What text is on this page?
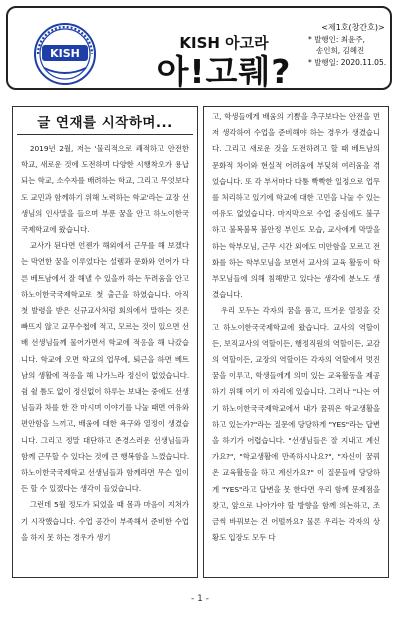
KISH
KISH 아고라
아!고뤠?
<제1호(창간호)>
* 발행인: 최윤주,
송인희, 김혜진
* 발행일: 2020.11.05.
글 연재를 시작하며...

2019년 2월, 저는 '물리적으로 쾌적하고 안전한 학교, 새로운 것에 도전하며 다양한 시행착오가 용납되는 학교, 소수자를 배려하는 학교, 그리고 무엇보다도 교민과 함께하기 위해 노력하는 학교'라는 교장 선생님의 인사말을 들으며 부푼 꿈을 안고 하노이한국국제학교에 왔습니다.

교사가 된다면 언젠가 해외에서 근무를 해 보겠다는 막연한 꿈을 이루었다는 설렘과 문화와 언어가 다른 베트남에서 잘 해낼 수 있을까 하는 두려움을 안고 하노이한국국제학교로 첫 출근을 하였습니다. 아직 첫 발령을 받은 신규교사처럼 회의에서 말하는 것은 빠뜨지 않고 교무수첩에 적고, 모르는 것이 있으면 선배 선생님들께 물어가면서 학교에 적응을 해 나갔습니다. 학교에 오면 학교의 업무에, 퇴근을 하면 베트남의 생활에 적응을 해 나가느라 정신이 없었습니다. 쉼 쉴 틈도 없이 정신없이 하루는 보내는 중에도 선생님들과 차를 한 잔 마시며 이야기를 나눌 때면 여유와 편안함을 느끼고, 배움에 대한 욕구와 열정이 생겼습니다. 그리고 정말 대단하고 존경스러운 선생님들과 함께 근무할 수 있다는 것에 큰 행복함을 느꼈습니다. 하노이한국국제학교 선생님들과 함께라면 무슨 일이든 할 수 있겠다는 생각이 들었습니다.

그런데 5월 정도가 되었을 때 몸과 마음이 지쳐가기 시작했습니다. 수업 공간이 부족해서 준비한 수업을 하지 못 하는 경우가 생기

고, 학생들에게 배움의 기쁨을 추구보다는 안전을 먼저 생각하여 수업을 준비해야 하는 경우가 생겼습니다. 그리고 새로운 것을 도전하려고 할 때 베트남의 문화적 차이와 현실적 어려움에 부딪혀 여러움을 겪었습니다. 또 각 부서마다 다툼 빡빡한 일정으로 업무를 처리하고 있기에 학교에 대한 고민을 나눌 수 있는 여유도 없었습니다. 마지막으로 수업 중심에도 불구하고 불복불복 불안정 부인도 모습, 교사에게 막말을 하는 학부모님, 근무 시간 외에도 미안함을 모르고 전화를 하는 학부모님을 보면서 교사의 교육 활동이 학부모님들에 의해 침해받고 있다는 생각에 분노도 생겼습니다.

우리 모두는 각자의 꿈을 품고, 뜨거운 열정을 갖고 하노이한국국제학교에 왔습니다. 교사의 역할이든, 보직교사의 역할이든, 행정직원의 역할이든, 교감의 역할이든, 교장의 역할이든 각자의 역할에서 멋진 꿈을 이루고, 학생들에게 의미 있는 교육활동을 제공하기 위해 여기 이 자리에 있습니다. 그러나 "나는 여기 하노이한국국제학교에서 내가 꿈꿔온 학교생활을 하고 있는가?"라는 질문에 당당하게 "YES"라는 답변을 하기가 어렵습니다. "선생님들은 잘 지내고 계신가요?", "학교생활에 만족하시나요?", "자신이 꿈꿔온 교육활동을 하고 계신가요?" 이 질문들에 당당하게 "YES"라고 답변을 못 한다면 우리 함께 문제점을 찾고, 앞으로 나아가야 할 방향을 함께 의논하고, 조금씩 바꿔보는 건 어떨까요? 물론 우리는 각자의 상황도 입장도 모두 다

- 1 -
